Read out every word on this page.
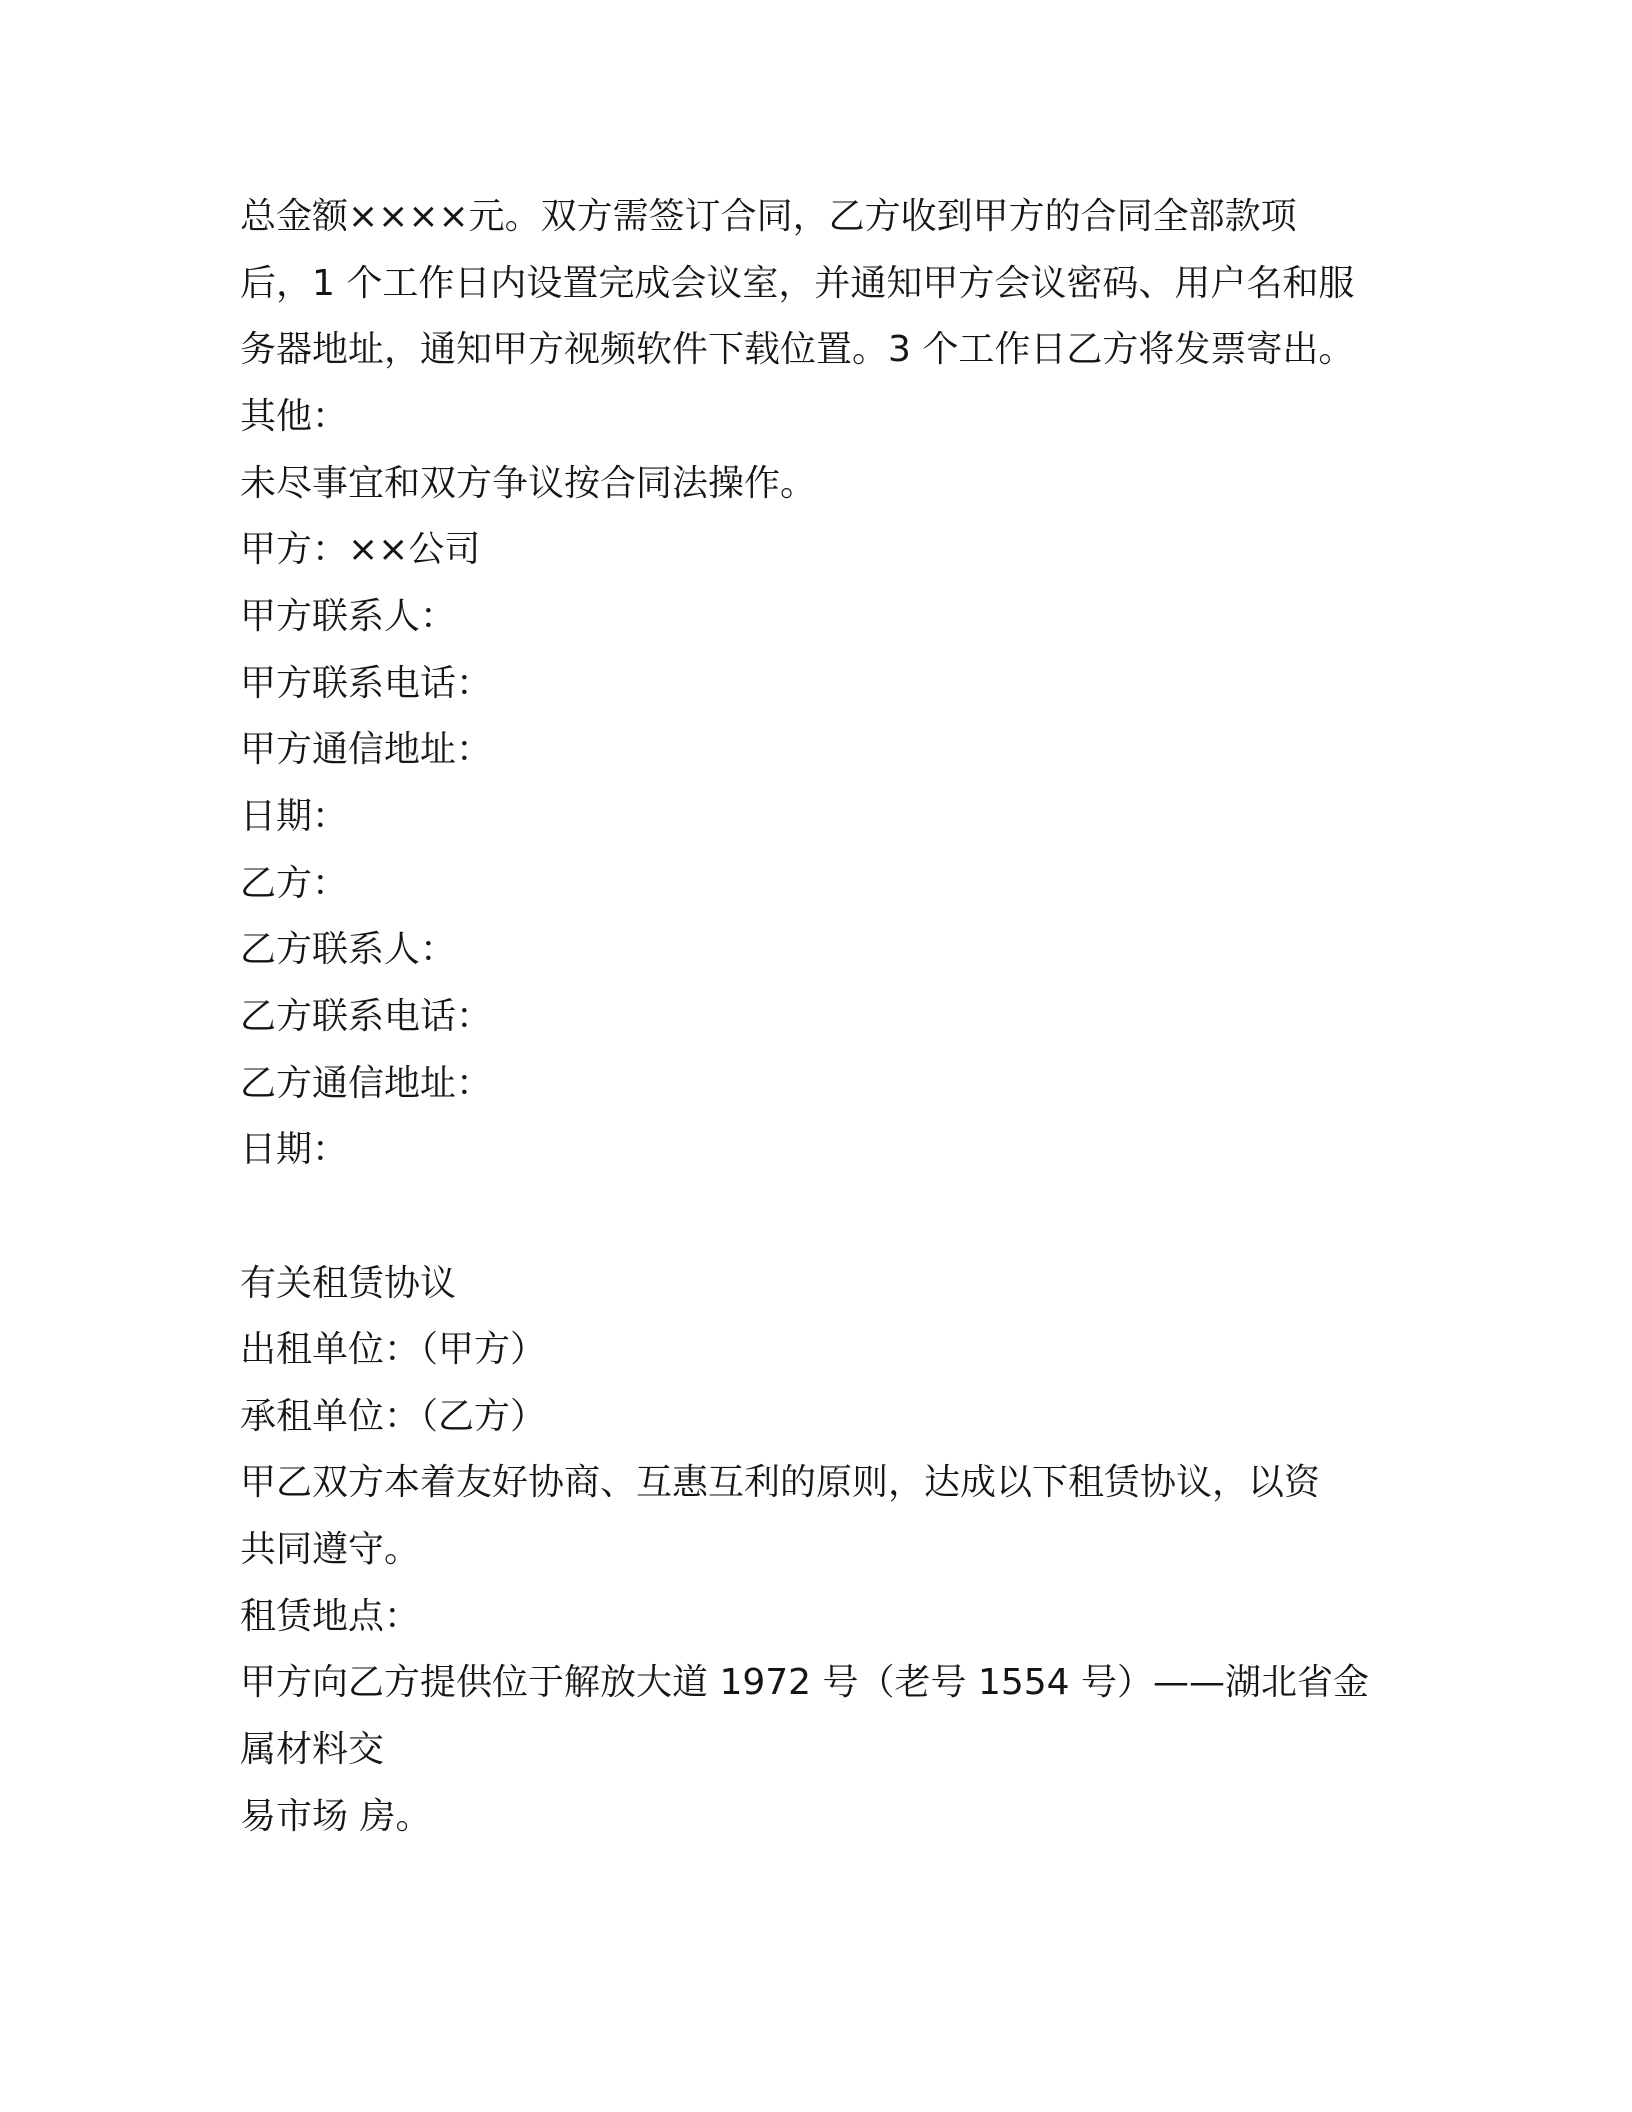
总金额××××元。双方需签订合同，乙方收到甲方的合同全部款项
后，1 个工作日内设置完成会议室，并通知甲方会议密码、用户名和服
务器地址，通知甲方视频软件下载位置。3 个工作日乙方将发票寄出。
其他：
未尽事宜和双方争议按合同法操作。
甲方：××公司
甲方联系人：
甲方联系电话：
甲方通信地址：
日期：
乙方：
乙方联系人：
乙方联系电话：
乙方通信地址：
日期：
有关租赁协议
出租单位：（甲方）
承租单位：（乙方）
甲乙双方本着友好协商、互惠互利的原则，达成以下租赁协议，以资
共同遵守。
租赁地点：
甲方向乙方提供位于解放大道 1972 号（老号 1554 号）——湖北省金
属材料交
易市场 房。
